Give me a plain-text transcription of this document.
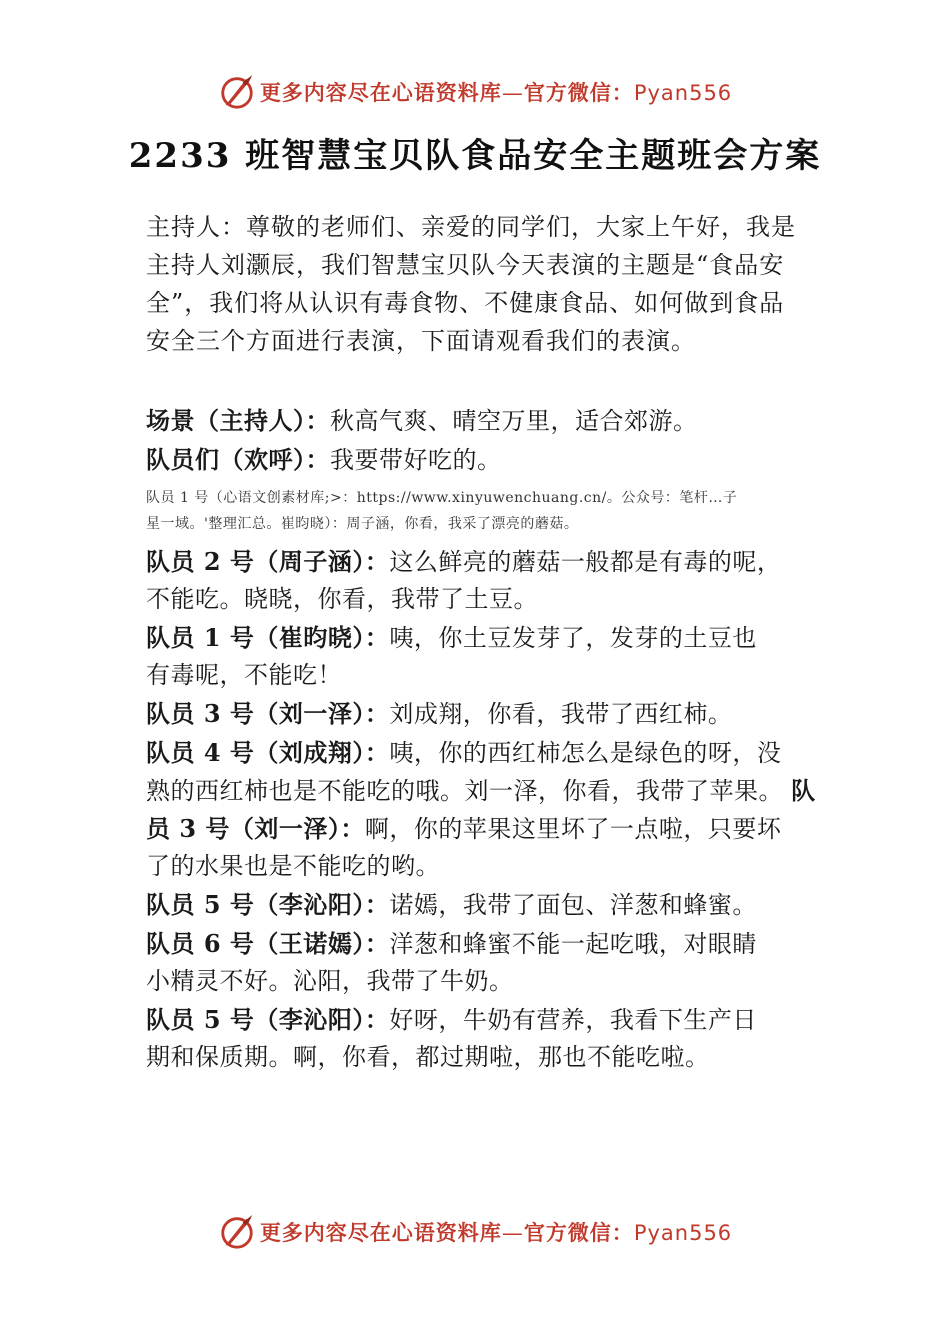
更多内容尽在心语资料库—官方微信：Pyan556
2233 班智慧宝贝队食品安全主题班会方案

主持人：尊敬的老师们、亲爱的同学们，大家上午好，我是

主持人刘灏辰，我们智慧宝贝队今天表演的主题是“食品安

全”，我们将从认识有毒食物、不健康食品、如何做到食品

安全三个方面进行表演，下面请观看我们的表演。

场景（主持人）：秋高气爽、晴空万里，适合郊游。

队员们（欢呼）：我要带好吃的。

队员 1 号（心语文创素材库;>：https://www.xinyuwenchuang.cn/。公众号：笔杆…子
星一域。'整理汇总。崔昀晓）：周子涵，你看，我采了漂亮的蘑菇。

队员 2 号（周子涵）：这么鲜亮的蘑菇一般都是有毒的呢，
不能吃。晓晓，你看，我带了土豆。

队员 1 号（崔昀晓）：咦，你土豆发芽了，发芽的土豆也
有毒呢，不能吃！

队员 3 号（刘一泽）：刘成翔，你看，我带了西红柿。

队员 4 号（刘成翔）：咦，你的西红柿怎么是绿色的呀，没
熟的西红柿也是不能吃的哦。刘一泽，你看，我带了苹果。 队
员 3 号（刘一泽）：啊，你的苹果这里坏了一点啦，只要坏
了的水果也是不能吃的哟。

队员 5 号（李沁阳）：诺嫣，我带了面包、洋葱和蜂蜜。

队员 6 号（王诺嫣）：洋葱和蜂蜜不能一起吃哦，对眼睛
小精灵不好。沁阳，我带了牛奶。

队员 5 号（李沁阳）：好呀，牛奶有营养，我看下生产日
期和保质期。啊，你看，都过期啦，那也不能吃啦。

更多内容尽在心语资料库—官方微信：Pyan556
